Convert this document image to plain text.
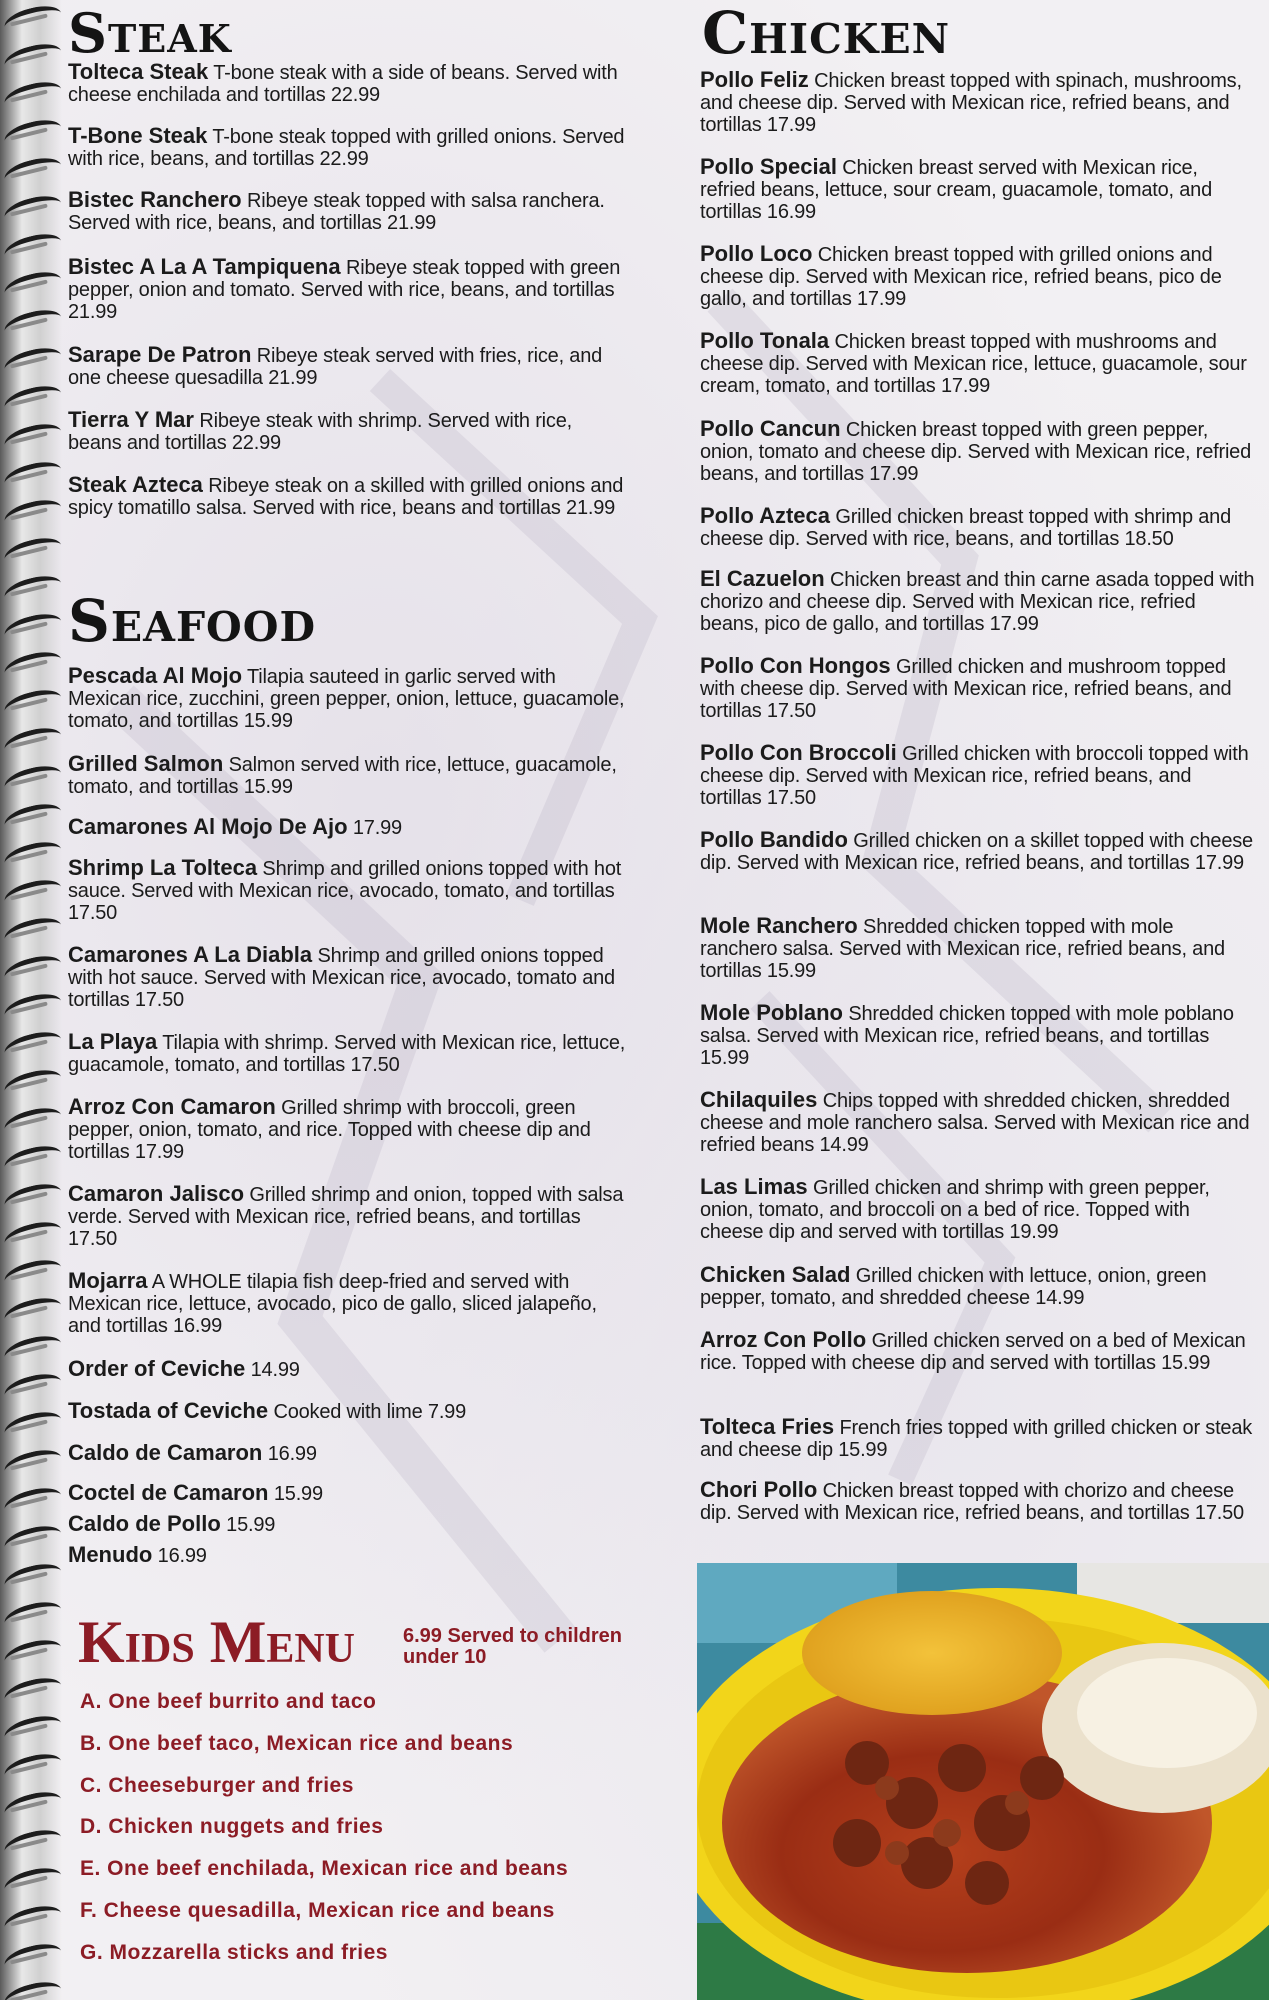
Steak
Tolteca Steak T-bone steak with a side of beans. Served with cheese enchilada and tortillas 22.99
T-Bone Steak T-bone steak topped with grilled onions. Served with rice, beans, and tortillas 22.99
Bistec Ranchero Ribeye steak topped with salsa ranchera. Served with rice, beans, and tortillas 21.99
Bistec A La A Tampiquena Ribeye steak topped with green pepper, onion and tomato. Served with rice, beans, and tortillas 21.99
Sarape De Patron Ribeye steak served with fries, rice, and one cheese quesadilla 21.99
Tierra Y Mar Ribeye steak with shrimp. Served with rice, beans and tortillas 22.99
Steak Azteca Ribeye steak on a skilled with grilled onions and spicy tomatillo salsa. Served with rice, beans and tortillas 21.99
Seafood
Pescada Al Mojo Tilapia sauteed in garlic served with Mexican rice, zucchini, green pepper, onion, lettuce, guacamole, tomato, and tortillas 15.99
Grilled Salmon Salmon served with rice, lettuce, guacamole, tomato, and tortillas 15.99
Camarones Al Mojo De Ajo 17.99
Shrimp La Tolteca Shrimp and grilled onions topped with hot sauce. Served with Mexican rice, avocado, tomato, and tortillas 17.50
Camarones A La Diabla Shrimp and grilled onions topped with hot sauce. Served with Mexican rice, avocado, tomato and tortillas 17.50
La Playa Tilapia with shrimp. Served with Mexican rice, lettuce, guacamole, tomato, and tortillas 17.50
Arroz Con Camaron Grilled shrimp with broccoli, green pepper, onion, tomato, and rice. Topped with cheese dip and tortillas 17.99
Camaron Jalisco Grilled shrimp and onion, topped with salsa verde. Served with Mexican rice, refried beans, and tortillas 17.50
Mojarra A WHOLE tilapia fish deep-fried and served with Mexican rice, lettuce, avocado, pico de gallo, sliced jalapeño, and tortillas 16.99
Order of Ceviche 14.99
Tostada of Ceviche Cooked with lime 7.99
Caldo de Camaron 16.99
Coctel de Camaron 15.99
Caldo de Pollo 15.99
Menudo 16.99
Kids Menu 6.99 Served to children under 10
A. One beef burrito and taco
B. One beef taco, Mexican rice and beans
C. Cheeseburger and fries
D. Chicken nuggets and fries
E. One beef enchilada, Mexican rice and beans
F. Cheese quesadilla, Mexican rice and beans
G. Mozzarella sticks and fries
Chicken
Pollo Feliz Chicken breast topped with spinach, mushrooms, and cheese dip. Served with Mexican rice, refried beans, and tortillas 17.99
Pollo Special Chicken breast served with Mexican rice, refried beans, lettuce, sour cream, guacamole, tomato, and tortillas 16.99
Pollo Loco Chicken breast topped with grilled onions and cheese dip. Served with Mexican rice, refried beans, pico de gallo, and tortillas 17.99
Pollo Tonala Chicken breast topped with mushrooms and cheese dip. Served with Mexican rice, lettuce, guacamole, sour cream, tomato, and tortillas 17.99
Pollo Cancun Chicken breast topped with green pepper, onion, tomato and cheese dip. Served with Mexican rice, refried beans, and tortillas 17.99
Pollo Azteca Grilled chicken breast topped with shrimp and cheese dip. Served with rice, beans, and tortillas 18.50
El Cazuelon Chicken breast and thin carne asada topped with chorizo and cheese dip. Served with Mexican rice, refried beans, pico de gallo, and tortillas 17.99
Pollo Con Hongos Grilled chicken and mushroom topped with cheese dip. Served with Mexican rice, refried beans, and tortillas 17.50
Pollo Con Broccoli Grilled chicken with broccoli topped with cheese dip. Served with Mexican rice, refried beans, and tortillas 17.50
Pollo Bandido Grilled chicken on a skillet topped with cheese dip. Served with Mexican rice, refried beans, and tortillas 17.99
Mole Ranchero Shredded chicken topped with mole ranchero salsa. Served with Mexican rice, refried beans, and tortillas 15.99
Mole Poblano Shredded chicken topped with mole poblano salsa. Served with Mexican rice, refried beans, and tortillas 15.99
Chilaquiles Chips topped with shredded chicken, shredded cheese and mole ranchero salsa. Served with Mexican rice and refried beans 14.99
Las Limas Grilled chicken and shrimp with green pepper, onion, tomato, and broccoli on a bed of rice. Topped with cheese dip and served with tortillas 19.99
Chicken Salad Grilled chicken with lettuce, onion, green pepper, tomato, and shredded cheese 14.99
Arroz Con Pollo Grilled chicken served on a bed of Mexican rice. Topped with cheese dip and served with tortillas 15.99
Tolteca Fries French fries topped with grilled chicken or steak and cheese dip 15.99
Chori Pollo Chicken breast topped with chorizo and cheese dip. Served with Mexican rice, refried beans, and tortillas 17.50
